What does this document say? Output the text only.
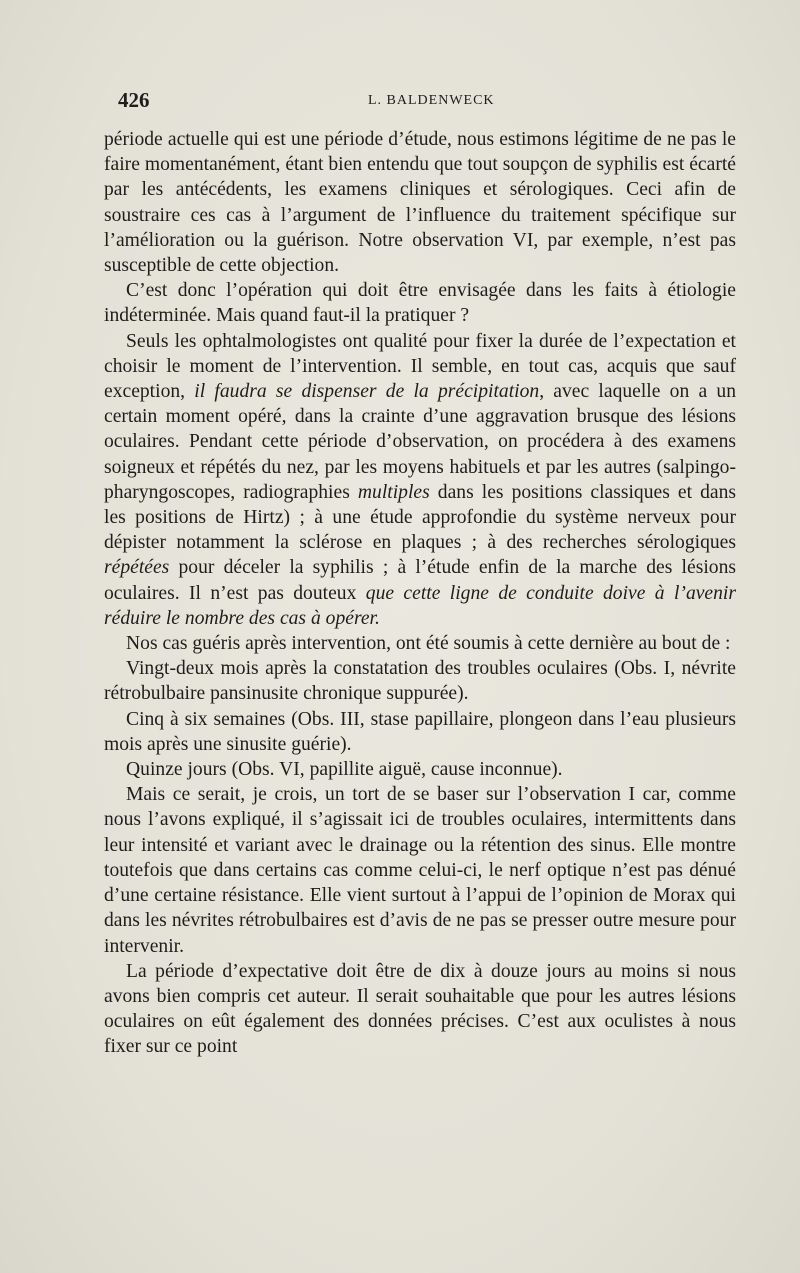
426	L. BALDENWECK

période actuelle qui est une période d’étude, nous estimons légitime de ne pas le faire momentanément, étant bien entendu que tout soupçon de syphilis est écarté par les antécédents, les examens cliniques et sérologiques. Ceci afin de soustraire ces cas à l’argument de l’influence du traitement spécifique sur l’amélioration ou la guérison. Notre observation VI, par exemple, n’est pas susceptible de cette objection.

C’est donc l’opération qui doit être envisagée dans les faits à étiologie indéterminée. Mais quand faut-il la pratiquer ?

Seuls les ophtalmologistes ont qualité pour fixer la durée de l’expectation et choisir le moment de l’intervention. Il semble, en tout cas, acquis que sauf exception, il faudra se dispenser de la précipitation, avec laquelle on a un certain moment opéré, dans la crainte d’une aggravation brusque des lésions oculaires. Pendant cette période d’observation, on procédera à des examens soigneux et répétés du nez, par les moyens habituels et par les autres (salpingo-pharyngoscopes, radiographies multiples dans les positions classiques et dans les positions de Hirtz) ; à une étude approfondie du système nerveux pour dépister notamment la sclérose en plaques ; à des recherches sérologiques répétées pour déceler la syphilis ; à l’étude enfin de la marche des lésions oculaires. Il n’est pas douteux que cette ligne de conduite doive à l’avenir réduire le nombre des cas à opérer.

Nos cas guéris après intervention, ont été soumis à cette dernière au bout de :

Vingt-deux mois après la constatation des troubles oculaires (Obs. I, névrite rétrobulbaire pansinusite chronique suppurée).

Cinq à six semaines (Obs. III, stase papillaire, plongeon dans l’eau plusieurs mois après une sinusite guérie).

Quinze jours (Obs. VI, papillite aiguë, cause inconnue).

Mais ce serait, je crois, un tort de se baser sur l’observation I car, comme nous l’avons expliqué, il s’agissait ici de troubles oculaires, intermittents dans leur intensité et variant avec le drainage ou la rétention des sinus. Elle montre toutefois que dans certains cas comme celui-ci, le nerf optique n’est pas dénué d’une certaine résistance. Elle vient surtout à l’appui de l’opinion de Morax qui dans les névrites rétrobulbaires est d’avis de ne pas se presser outre mesure pour intervenir.

La période d’expectative doit être de dix à douze jours au moins si nous avons bien compris cet auteur. Il serait souhaitable que pour les autres lésions oculaires on eût également des données précises. C’est aux oculistes à nous fixer sur ce point
